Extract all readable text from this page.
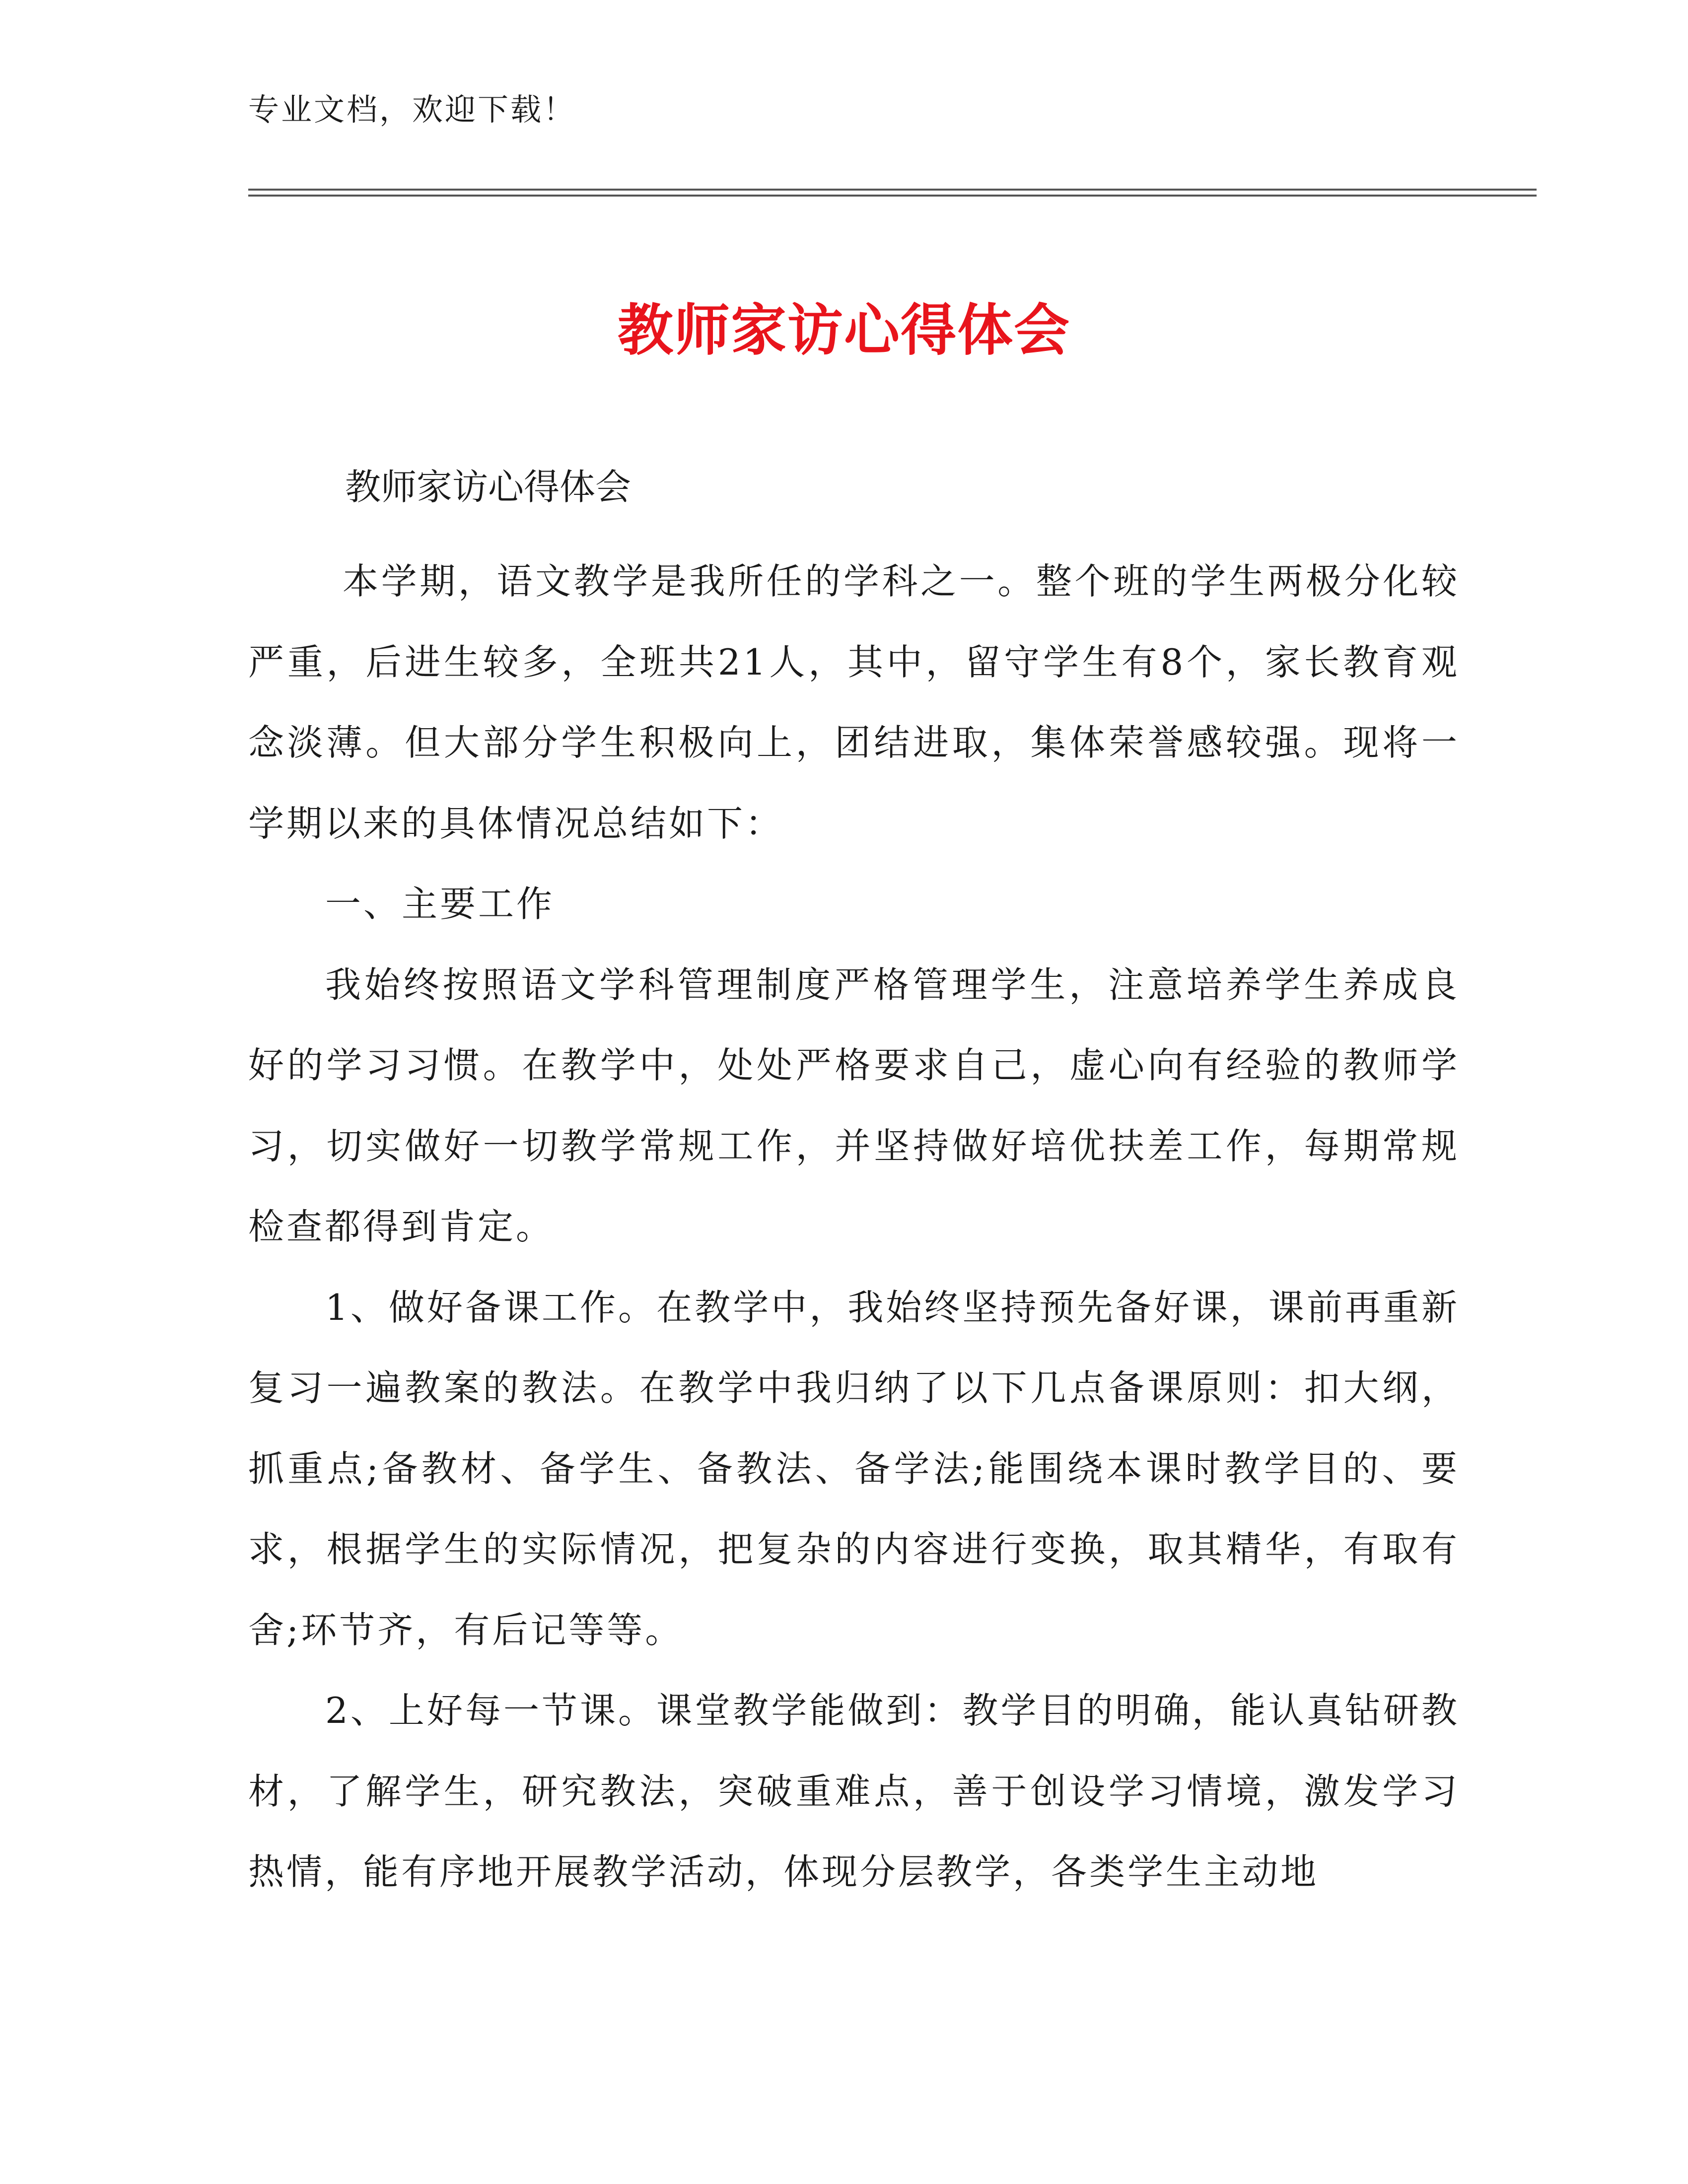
专业文档，欢迎下载！
教师家访心得体会
教师家访心得体会

本学期，语文教学是我所任的学科之一。整个班的学生两极分化较严重，后进生较多，全班共21人，其中，留守学生有8个，家长教育观念淡薄。但大部分学生积极向上，团结进取，集体荣誉感较强。现将一学期以来的具体情况总结如下：

一、主要工作

我始终按照语文学科管理制度严格管理学生，注意培养学生养成良好的学习习惯。在教学中，处处严格要求自己，虚心向有经验的教师学习，切实做好一切教学常规工作，并坚持做好培优扶差工作，每期常规检查都得到肯定。

1、做好备课工作。在教学中，我始终坚持预先备好课，课前再重新复习一遍教案的教法。在教学中我归纳了以下几点备课原则：扣大纲，抓重点;备教材、备学生、备教法、备学法;能围绕本课时教学目的、要求，根据学生的实际情况，把复杂的内容进行变换，取其精华，有取有舍;环节齐，有后记等等。

2、上好每一节课。课堂教学能做到：教学目的明确，能认真钻研教材，了解学生，研究教法，突破重难点，善于创设学习情境，激发学习热情，能有序地开展教学活动，体现分层教学，各类学生主动地
